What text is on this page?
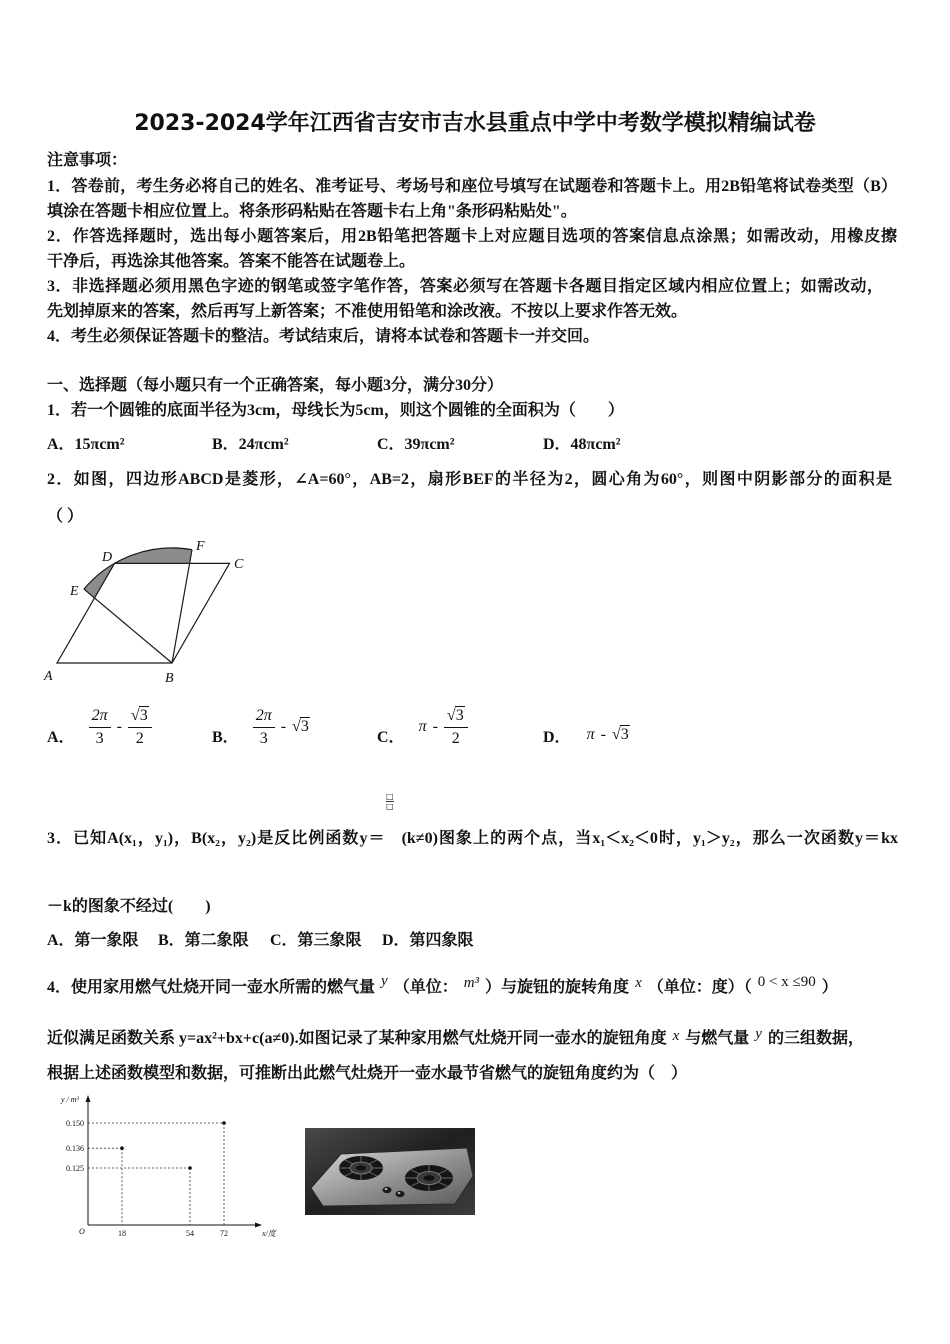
2023-2024学年江西省吉安市吉水县重点中学中考数学模拟精编试卷
注意事项：
1．答卷前，考生务必将自己的姓名、准考证号、考场号和座位号填写在试题卷和答题卡上。用2B铅笔将试卷类型（B）
填涂在答题卡相应位置上。将条形码粘贴在答题卡右上角"条形码粘贴处"。
2．作答选择题时，选出每小题答案后，用2B铅笔把答题卡上对应题目选项的答案信息点涂黑；如需改动，用橡皮擦
干净后，再选涂其他答案。答案不能答在试题卷上。
3．非选择题必须用黑色字迹的钢笔或签字笔作答，答案必须写在答题卡各题目指定区域内相应位置上；如需改动，
先划掉原来的答案，然后再写上新答案；不准使用铅笔和涂改液。不按以上要求作答无效。
4．考生必须保证答题卡的整洁。考试结束后，请将本试卷和答题卡一并交回。
一、选择题（每小题只有一个正确答案，每小题3分，满分30分）
1．若一个圆锥的底面半径为3cm，母线长为5cm，则这个圆锥的全面积为（　　）
A．15πcm²	B．24πcm²	C．39πcm²	D．48πcm²
2．如图，四边形ABCD是菱形，∠A=60°，AB=2，扇形BEF的半径为2，圆心角为60°，则图中阴影部分的面积是
（ ）
A	B
C
D
E
F
A． $\frac{2\pi}{3} - \frac{√3}{2}$	B． $\frac{2\pi}{3} - √3$
C．
π - $\frac{√3}{2}$	D． π - √3
□
□
3．已知A(x₁，y₁)，B(x₂，y₂)是反比例函数y＝ (k≠0)图象上的两个点，当x₁＜x₂＜0时，y₁＞y₂，那么一次函数y＝kx
－k的图象不经过(　　)
A．第一象限 B．第二象限 C．第三象限 D．第四象限
4．使用家用燃气灶烧开同一壶水所需的燃气量 y （单位： m³ ）与旋钮的旋转角度 x （单位：度）（ 0 < x ≤90 ）
近似满足函数关系 y=ax²+bx+c(a≠0).如图记录了某种家用燃气灶烧开同一壶水的旋钮角度 x 与燃气量 y 的三组数据，
根据上述函数模型和数据，可推断出此燃气灶烧开一壶水最节省燃气的旋钮角度约为（　）
y / m³
O	x/度
0.150
0.136
0.125
18	54	72
